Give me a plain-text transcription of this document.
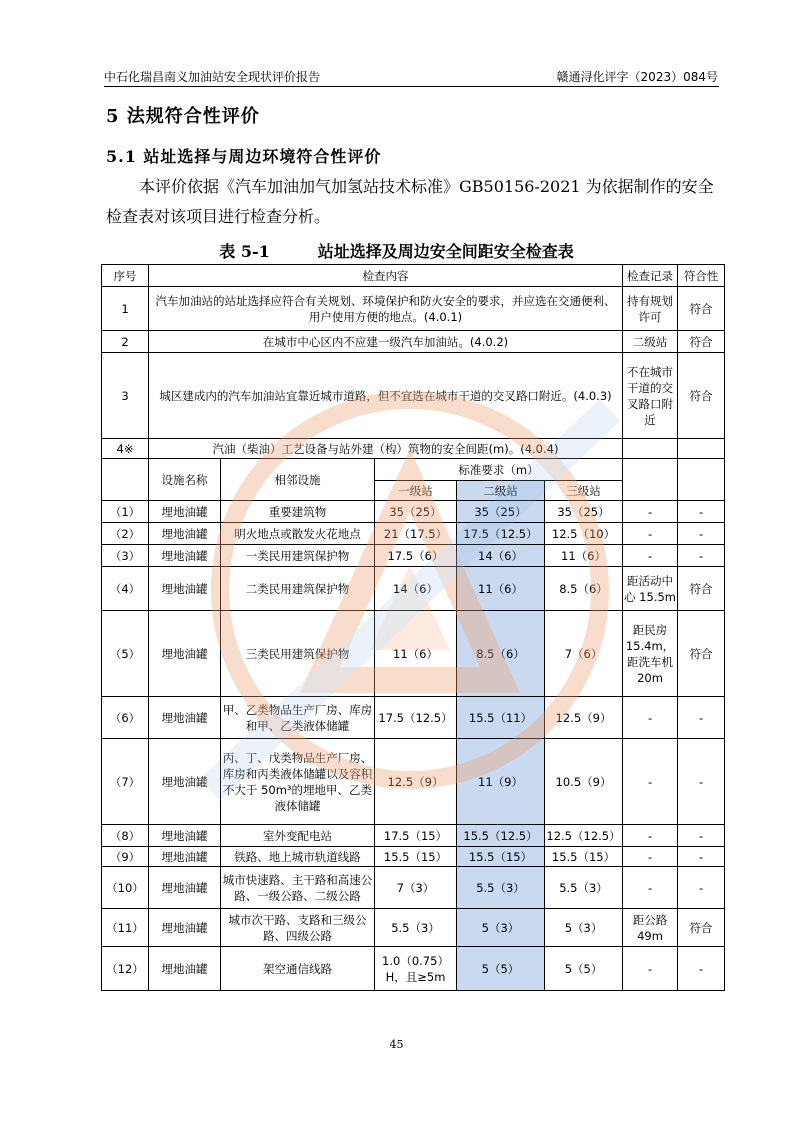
中石化瑞昌南义加油站安全现状评价报告	赣通浔化评字（2023）084号
5 法规符合性评价
5.1 站址选择与周边环境符合性评价
本评价依据《汽车加油加气加氢站技术标准》GB50156-2021 为依据制作的安全检查表对该项目进行检查分析。
表 5-1	站址选择及周边安全间距安全检查表
序号	检查内容					检查记录	符合性
1	汽车加油站的站址选择应符合有关规划、环境保护和防火安全的要求，并应选在交通便利、用户使用方便的地点。(4.0.1)					持有规划许可	符合
2	在城市中心区内不应建一级汽车加油站。(4.0.2)					二级站	符合
3	城区建成内的汽车加油站宜靠近城市道路，但不宜选在城市干道的交叉路口附近。(4.0.3)					不在城市干道的交叉路口附近	符合
4※	汽油（柴油）工艺设备与站外建（构）筑物的安全间距(m)。(4.0.4)						
	设施名称	相邻设施	标准要求（m）				
			一级站	二级站	三级站		
（1）	埋地油罐	重要建筑物	35（25）	35（25）	35（25）	-	-
（2）	埋地油罐	明火地点或散发火花地点	21（17.5）	17.5（12.5）	12.5（10）	-	-
（3）	埋地油罐	一类民用建筑保护物	17.5（6）	14（6）	11（6）	-	-
（4）	埋地油罐	二类民用建筑保护物	14（6）	11（6）	8.5（6）	距活动中心 15.5m	符合
（5）	埋地油罐	三类民用建筑保护物	11（6）	8.5（6）	7（6）	距民房15.4m，距洗车机 20m	符合
（6）	埋地油罐	甲、乙类物品生产厂房、库房和甲、乙类液体储罐	17.5（12.5）	15.5（11）	12.5（9）	-	-
（7）	埋地油罐	丙、丁、戊类物品生产厂房、库房和丙类液体储罐以及容积不大于 50m³的埋地甲、乙类液体储罐	12.5（9）	11（9）	10.5（9）	-	-
（8）	埋地油罐	室外变配电站	17.5（15）	15.5（12.5）	12.5（12.5）	-	-
（9）	埋地油罐	铁路、地上城市轨道线路	15.5（15）	15.5（15）	15.5（15）	-	-
（10）	埋地油罐	城市快速路、主干路和高速公路、一级公路、二级公路	7（3）	5.5（3）	5.5（3）	-	-
（11）	埋地油罐	城市次干路、支路和三级公路、四级公路	5.5（3）	5（3）	5（3）	距公路 49m	符合
（12）	埋地油罐	架空通信线路	1.0（0.75）H，且≥5m	5（5）	5（5）	-	-
45
